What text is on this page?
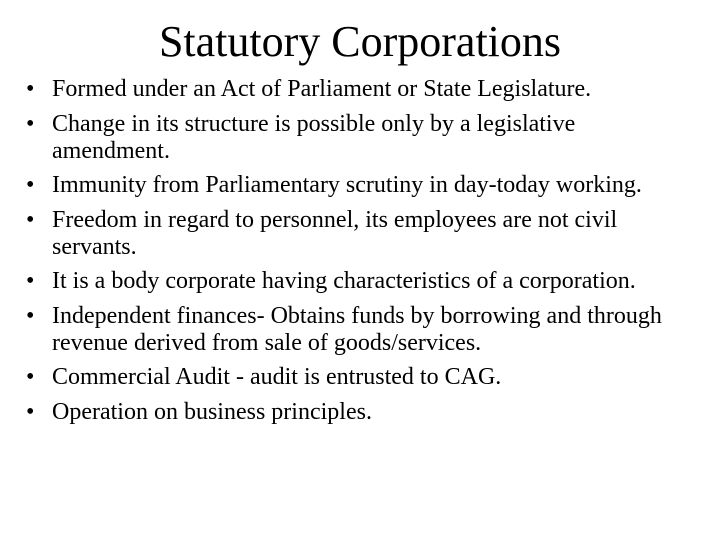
Statutory Corporations
• Formed under an Act of Parliament or State Legislature.
• Change in its structure is possible only by a legislative amendment.
• Immunity from Parliamentary scrutiny in day-today working.
• Freedom in regard to personnel, its employees are not civil servants.
• It is a body corporate having characteristics of a corporation.
• Independent finances- Obtains funds by borrowing and through revenue derived from sale of goods/services.
• Commercial Audit - audit is entrusted to CAG.
• Operation on business principles.
